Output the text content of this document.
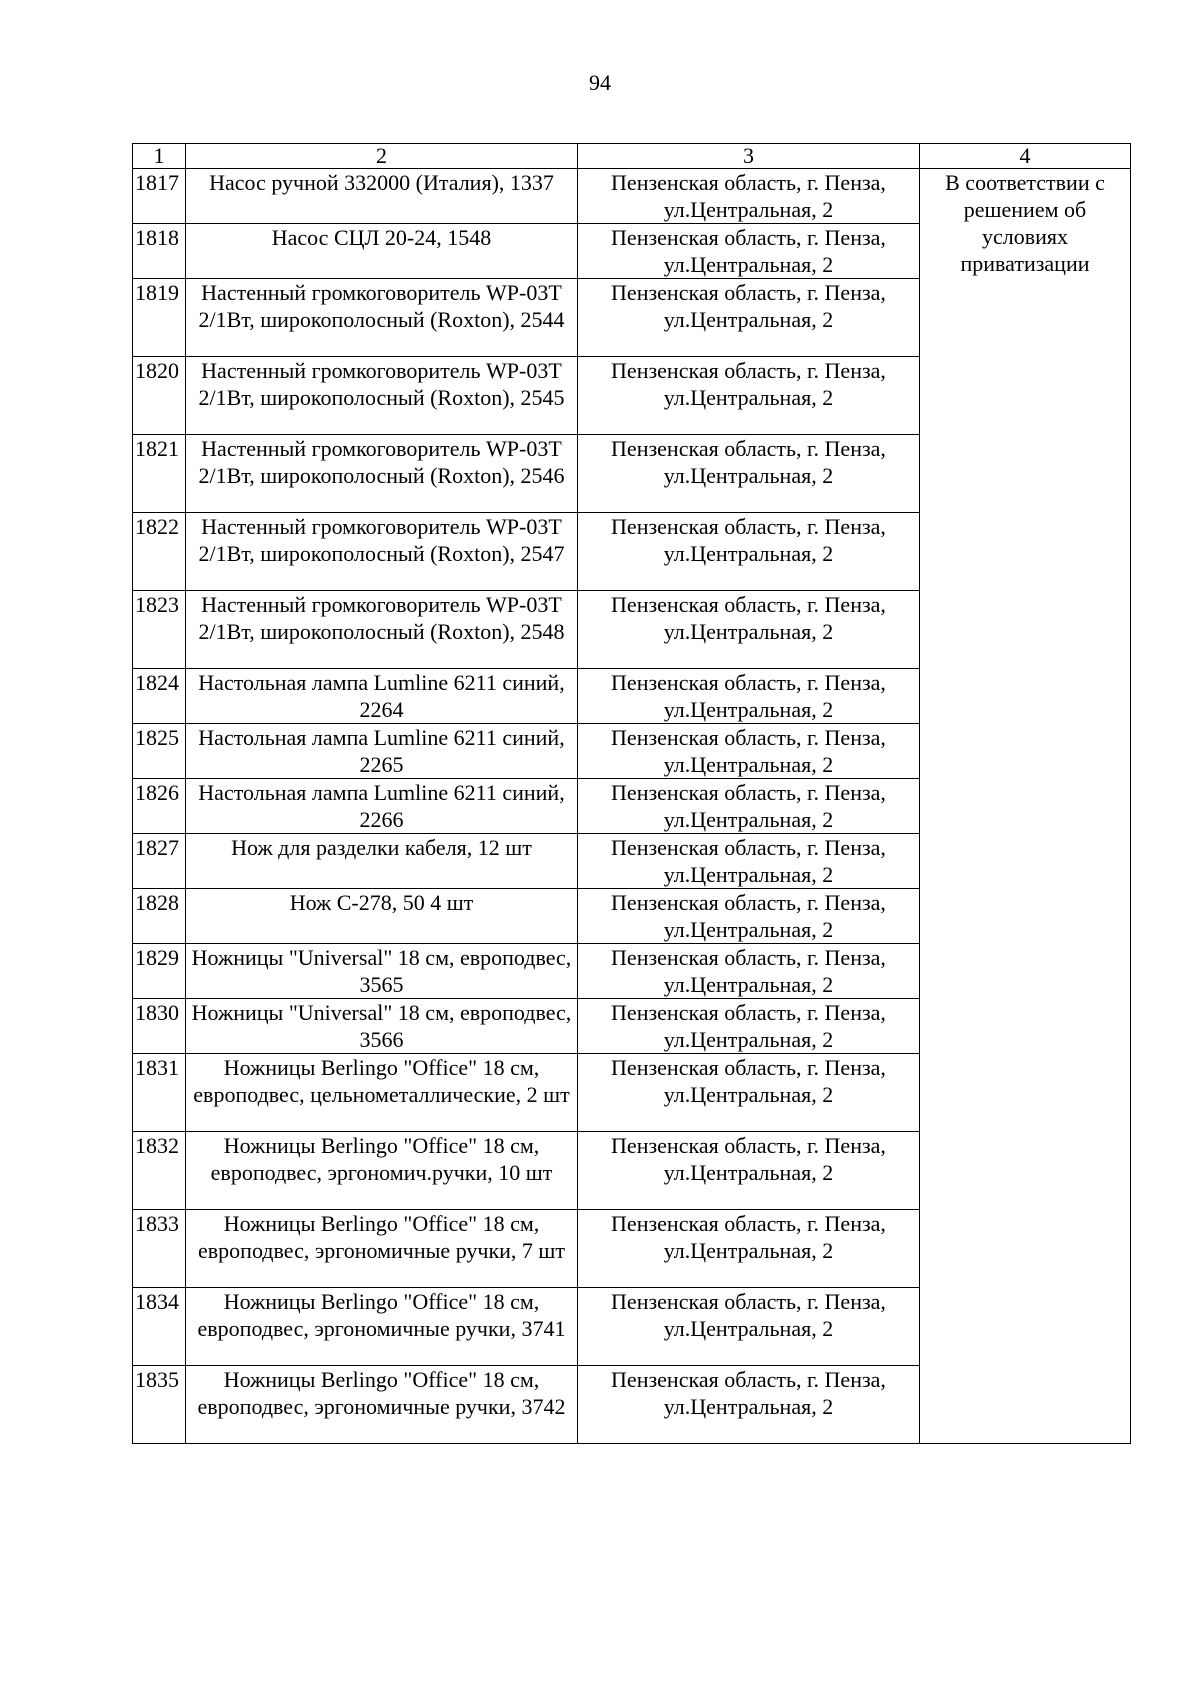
94
1	2	3	4
1817	Насос ручной 332000 (Италия), 1337	Пензенская область, г. Пенза,
ул.Центральная, 2	В соответствии с решением об условиях приватизации
1818	Насос СЦЛ 20-24, 1548	Пензенская область, г. Пенза,
ул.Центральная, 2	

1819	Настенный громкоговоритель WP-03T 2/1Вт, широкополосный (Roxton), 2544	Пензенская область, г. Пенза,
ул.Центральная, 2	

1820	Настенный громкоговоритель WP-03T 2/1Вт, широкополосный (Roxton), 2545	Пензенская область, г. Пенза,
ул.Центральная, 2	

1821	Настенный громкоговоритель WP-03T 2/1Вт, широкополосный (Roxton), 2546	Пензенская область, г. Пенза,
ул.Центральная, 2	

1822	Настенный громкоговоритель WP-03T 2/1Вт, широкополосный (Roxton), 2547	Пензенская область, г. Пенза,
ул.Центральная, 2	

1823	Настенный громкоговоритель WP-03T 2/1Вт, широкополосный (Roxton), 2548	Пензенская область, г. Пенза,
ул.Центральная, 2	

1824	Настольная лампа Lumline 6211 синий, 2264	Пензенская область, г. Пенза,
ул.Центральная, 2	

1825	Настольная лампа Lumline 6211 синий, 2265	Пензенская область, г. Пенза,
ул.Центральная, 2	

1826	Настольная лампа Lumline 6211 синий, 2266	Пензенская область, г. Пенза,
ул.Центральная, 2	

1827	Нож для разделки кабеля, 12 шт	Пензенская область, г. Пенза,
ул.Центральная, 2	

1828	Нож С-278, 50 4 шт	Пензенская область, г. Пенза,
ул.Центральная, 2	

1829	Ножницы "Universal" 18 см, европодвес, 3565	Пензенская область, г. Пенза,
ул.Центральная, 2	

1830	Ножницы "Universal" 18 см, европодвес, 3566	Пензенская область, г. Пенза,
ул.Центральная, 2	

1831	Ножницы Berlingo "Office" 18 см, европодвес, цельнометаллические, 2 шт	Пензенская область, г. Пенза,
ул.Центральная, 2	

1832	Ножницы Berlingo "Office" 18 см, европодвес, эргономич.ручки, 10 шт	Пензенская область, г. Пенза,
ул.Центральная, 2	

1833	Ножницы Berlingo "Office" 18 см, европодвес, эргономичные ручки, 7 шт	Пензенская область, г. Пенза,
ул.Центральная, 2	

1834	Ножницы Berlingo "Office" 18 см, европодвес, эргономичные ручки, 3741	Пензенская область, г. Пенза,
ул.Центральная, 2	

1835	Ножницы Berlingo "Office" 18 см, европодвес, эргономичные ручки, 3742	Пензенская область, г. Пенза,
ул.Центральная, 2	
